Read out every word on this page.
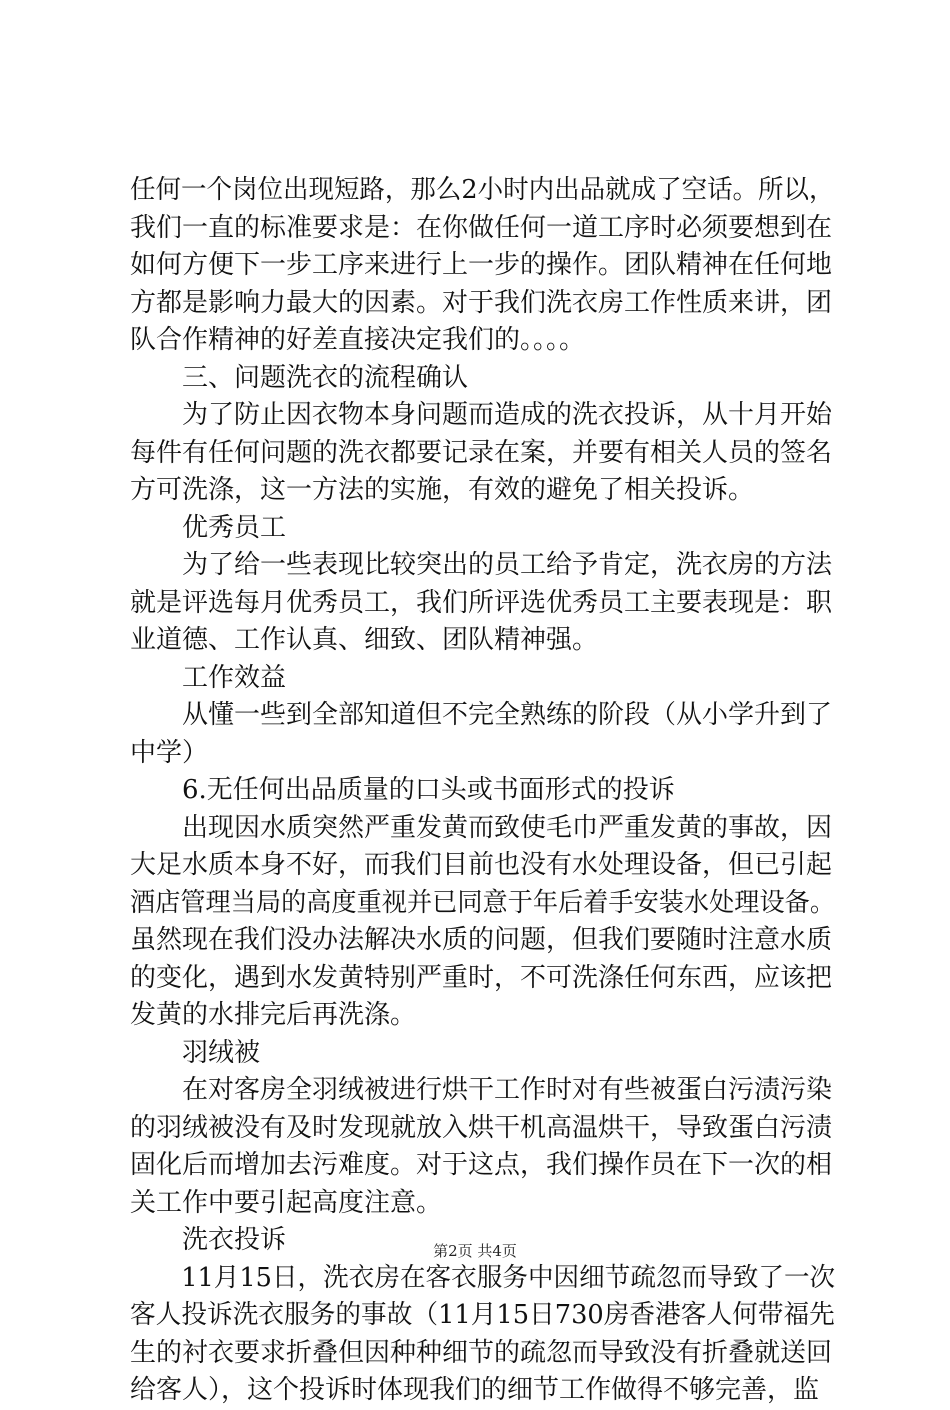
任何一个岗位出现短路，那么2小时内出品就成了空话。所以，
我们一直的标准要求是：在你做任何一道工序时必须要想到在
如何方便下一步工序来进行上一步的操作。团队精神在任何地
方都是影响力最大的因素。对于我们洗衣房工作性质来讲，团
队合作精神的好差直接决定我们的。。。。
三、问题洗衣的流程确认
为了防止因衣物本身问题而造成的洗衣投诉，从十月开始
每件有任何问题的洗衣都要记录在案，并要有相关人员的签名
方可洗涤，这一方法的实施，有效的避免了相关投诉。
优秀员工
为了给一些表现比较突出的员工给予肯定，洗衣房的方法
就是评选每月优秀员工，我们所评选优秀员工主要表现是：职
业道德、工作认真、细致、团队精神强。
工作效益
从懂一些到全部知道但不完全熟练的阶段（从小学升到了
中学）
6.无任何出品质量的口头或书面形式的投诉
出现因水质突然严重发黄而致使毛巾严重发黄的事故，因
大足水质本身不好，而我们目前也没有水处理设备，但已引起
酒店管理当局的高度重视并已同意于年后着手安装水处理设备。
虽然现在我们没办法解决水质的问题，但我们要随时注意水质
的变化，遇到水发黄特别严重时，不可洗涤任何东西，应该把
发黄的水排完后再洗涤。
羽绒被
在对客房全羽绒被进行烘干工作时对有些被蛋白污渍污染
的羽绒被没有及时发现就放入烘干机高温烘干，导致蛋白污渍
固化后而增加去污难度。对于这点，我们操作员在下一次的相
关工作中要引起高度注意。
洗衣投诉
11月15日，洗衣房在客衣服务中因细节疏忽而导致了一次
客人投诉洗衣服务的事故（11月15日730房香港客人何带福先
生的衬衣要求折叠但因种种细节的疏忽而导致没有折叠就送回
给客人），这个投诉时体现我们的细节工作做得不够完善，监
第2页 共4页
